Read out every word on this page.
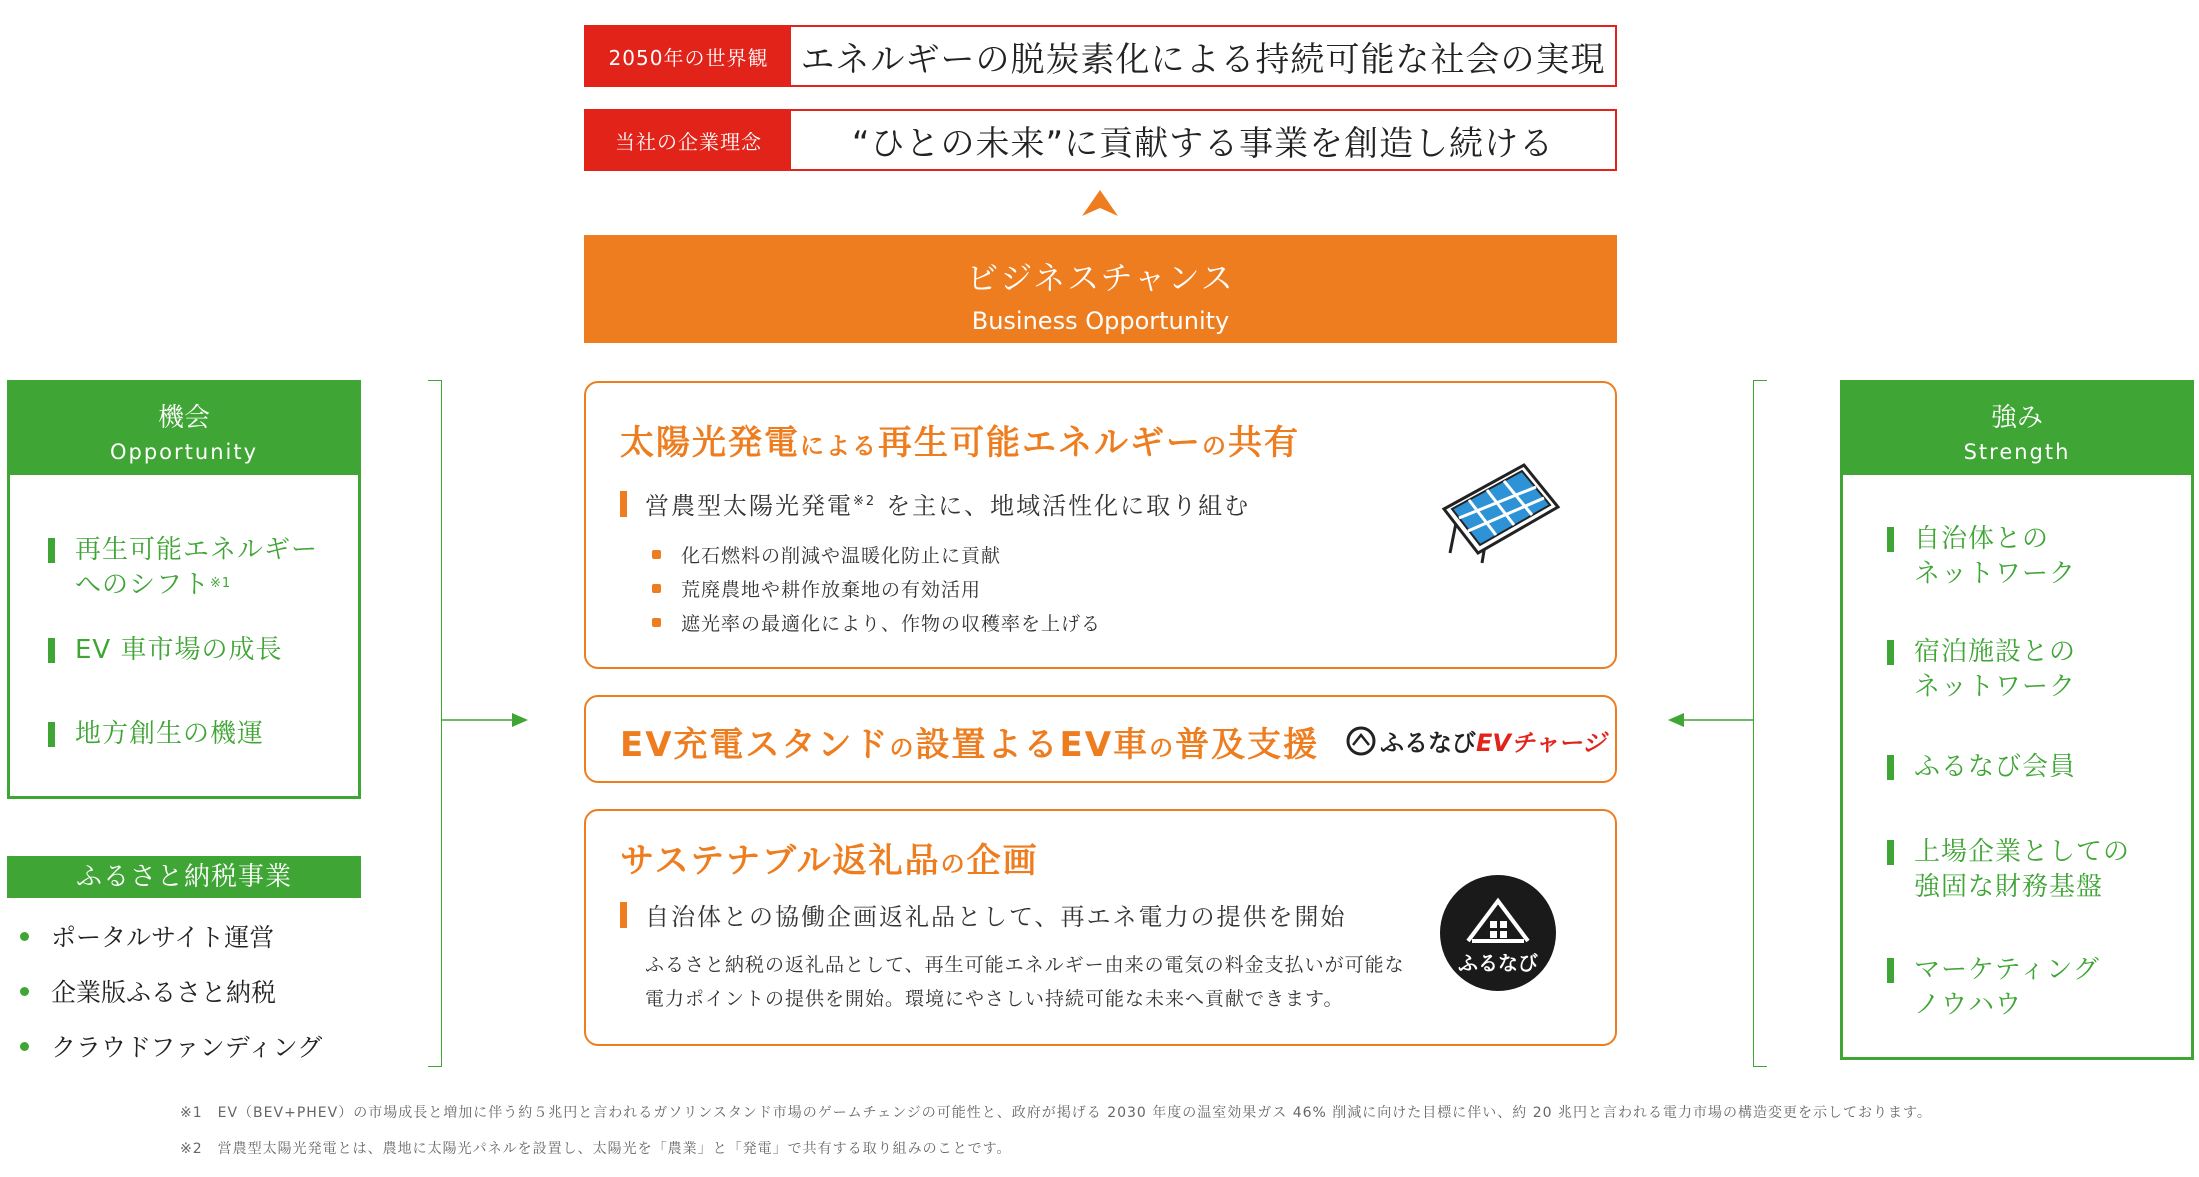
2050年の世界観 エネルギーの脱炭素化による持続可能な社会の実現
当社の企業理念	“ひとの未来”に貢献する事業を創造し続ける
ビジネスチャンス
Business Opportunity
太陽光発電による再生可能エネルギーの共有
営農型太陽光発電$^{※2}$ を主に、地域活性化に取り組む
化石燃料の削減や温暖化防止に貢献
荒廃農地や耕作放棄地の有効活用
遮光率の最適化により、作物の収穫率を上げる
EV充電スタンドの設置よるEV車の普及支援	ふるなび EVチャージ
サステナブル返礼品の企画
自治体との協働企画返礼品として、再エネ電力の提供を開始
ふるさと納税の返礼品として、再生可能エネルギー由来の電気の料金支払いが可能な
電力ポイントの提供を開始。環境にやさしい持続可能な未来へ貢献できます。
ふるなび
機会
Opportunity
再生可能エネルギー
へのシフト$^{※1}$
EV 車市場の成長
地方創生の機運
ふるさと納税事業
ポータルサイト運営
企業版ふるさと納税
クラウドファンディング
強み
Strength
自治体との
ネットワーク
宿泊施設との
ネットワーク
ふるなび会員
上場企業としての
強固な財務基盤
マーケティング
ノウハウ
※1　EV（BEV+PHEV）の市場成長と増加に伴う約５兆円と言われるガソリンスタンド市場のゲームチェンジの可能性と、政府が掲げる 2030 年度の温室効果ガス 46% 削減に向けた目標に伴い、約 20 兆円と言われる電力市場の構造変更を示しております。
※2　営農型太陽光発電とは、農地に太陽光パネルを設置し、太陽光を「農業」と「発電」で共有する取り組みのことです。
